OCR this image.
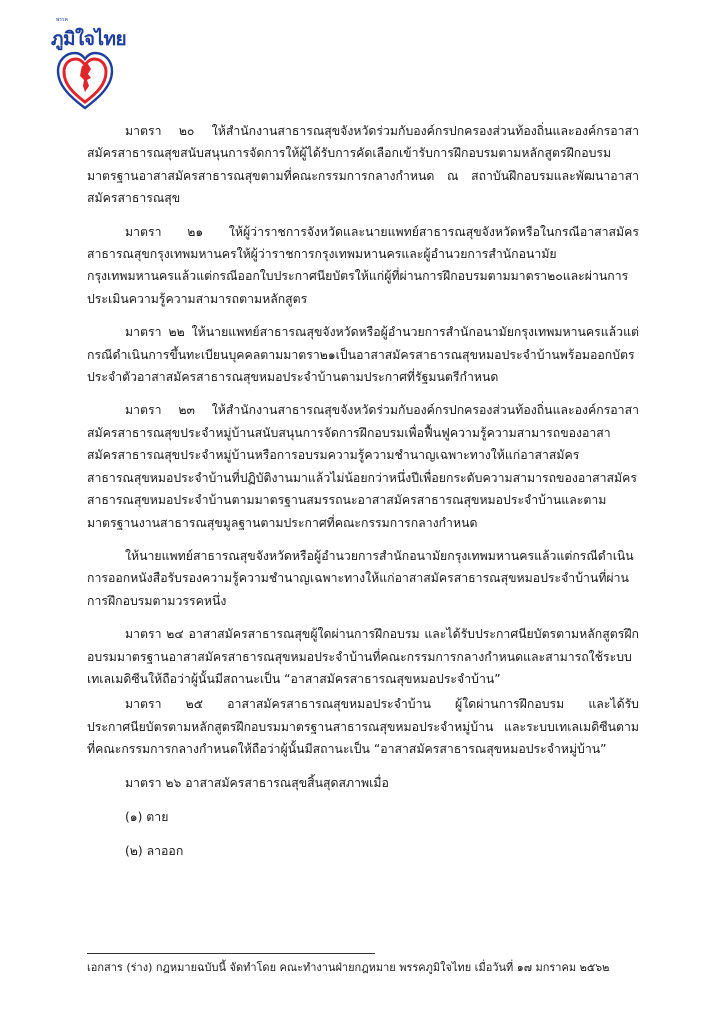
พรรค
ภูมิใจไทย

มาตรา ๒๐ ให้สำนักงานสาธารณสุขจังหวัดร่วมกับองค์กรปกครองส่วนท้องถิ่นและองค์กรอาสาสมัครสาธารณสุขสนับสนุนการจัดการให้ผู้ได้รับการคัดเลือกเข้ารับการฝึกอบรมตามหลักสูตรฝึกอบรมมาตรฐานอาสาสมัครสาธารณสุขตามที่คณะกรรมการกลางกำหนด ณ สถาบันฝึกอบรมและพัฒนาอาสาสมัครสาธารณสุข

มาตรา ๒๑ ให้ผู้ว่าราชการจังหวัดและนายแพทย์สาธารณสุขจังหวัดหรือในกรณีอาสาสมัครสาธารณสุขกรุงเทพมหานครให้ผู้ว่าราชการกรุงเทพมหานครและผู้อำนวยการสำนักอนามัยกรุงเทพมหานครแล้วแต่กรณีออกใบประกาศนียบัตรให้แก่ผู้ที่ผ่านการฝึกอบรมตามมาตรา๒๐และผ่านการประเมินความรู้ความสามารถตามหลักสูตร

มาตรา ๒๒ ให้นายแพทย์สาธารณสุขจังหวัดหรือผู้อำนวยการสำนักอนามัยกรุงเทพมหานครแล้วแต่กรณีดำเนินการขึ้นทะเบียนบุคคลตามมาตรา๒๑เป็นอาสาสมัครสาธารณสุขหมอประจำบ้านพร้อมออกบัตรประจำตัวอาสาสมัครสาธารณสุขหมอประจำบ้านตามประกาศที่รัฐมนตรีกำหนด

มาตรา ๒๓ ให้สำนักงานสาธารณสุขจังหวัดร่วมกับองค์กรปกครองส่วนท้องถิ่นและองค์กรอาสาสมัครสาธารณสุขประจำหมู่บ้านสนับสนุนการจัดการฝึกอบรมเพื่อฟื้นฟูความรู้ความสามารถของอาสาสมัครสาธารณสุขประจำหมู่บ้านหรือการอบรมความรู้ความชำนาญเฉพาะทางให้แก่อาสาสมัครสาธารณสุขหมอประจำบ้านที่ปฏิบัติงานมาแล้วไม่น้อยกว่าหนึ่งปีเพื่อยกระดับความสามารถของอาสาสมัครสาธารณสุขหมอประจำบ้านตามมาตรฐานสมรรถนะอาสาสมัครสาธารณสุขหมอประจำบ้านและตามมาตรฐานงานสาธารณสุขมูลฐานตามประกาศที่คณะกรรมการกลางกำหนด

ให้นายแพทย์สาธารณสุขจังหวัดหรือผู้อำนวยการสำนักอนามัยกรุงเทพมหานครแล้วแต่กรณีดำเนินการออกหนังสือรับรองความรู้ความชำนาญเฉพาะทางให้แก่อาสาสมัครสาธารณสุขหมอประจำบ้านที่ผ่านการฝึกอบรมตามวรรคหนึ่ง

มาตรา ๒๔ อาสาสมัครสาธารณสุขผู้ใดผ่านการฝึกอบรม และได้รับประกาศนียบัตรตามหลักสูตรฝึกอบรมมาตรฐานอาสาสมัครสาธารณสุขหมอประจำบ้านที่คณะกรรมการกลางกำหนดและสามารถใช้ระบบเทเลเมดิซีนให้ถือว่าผู้นั้นมีสถานะเป็น “อาสาสมัครสาธารณสุขหมอประจำบ้าน”

มาตรา ๒๕ อาสาสมัครสาธารณสุขหมอประจำบ้าน ผู้ใดผ่านการฝึกอบรม และได้รับประกาศนียบัตรตามหลักสูตรฝึกอบรมมาตรฐานสาธารณสุขหมอประจำหมู่บ้าน และระบบเทเลเมดิซีนตามที่คณะกรรมการกลางกำหนดให้ถือว่าผู้นั้นมีสถานะเป็น “อาสาสมัครสาธารณสุขหมอประจำหมู่บ้าน”

มาตรา ๒๖ อาสาสมัครสาธารณสุขสิ้นสุดสภาพเมื่อ

(๑) ตาย

(๒) ลาออก

เอกสาร (ร่าง) กฎหมายฉบับนี้ จัดทำโดย คณะทำงานฝ่ายกฎหมาย พรรคภูมิใจไทย เมื่อวันที่ ๑๗ มกราคม ๒๕๖๒
